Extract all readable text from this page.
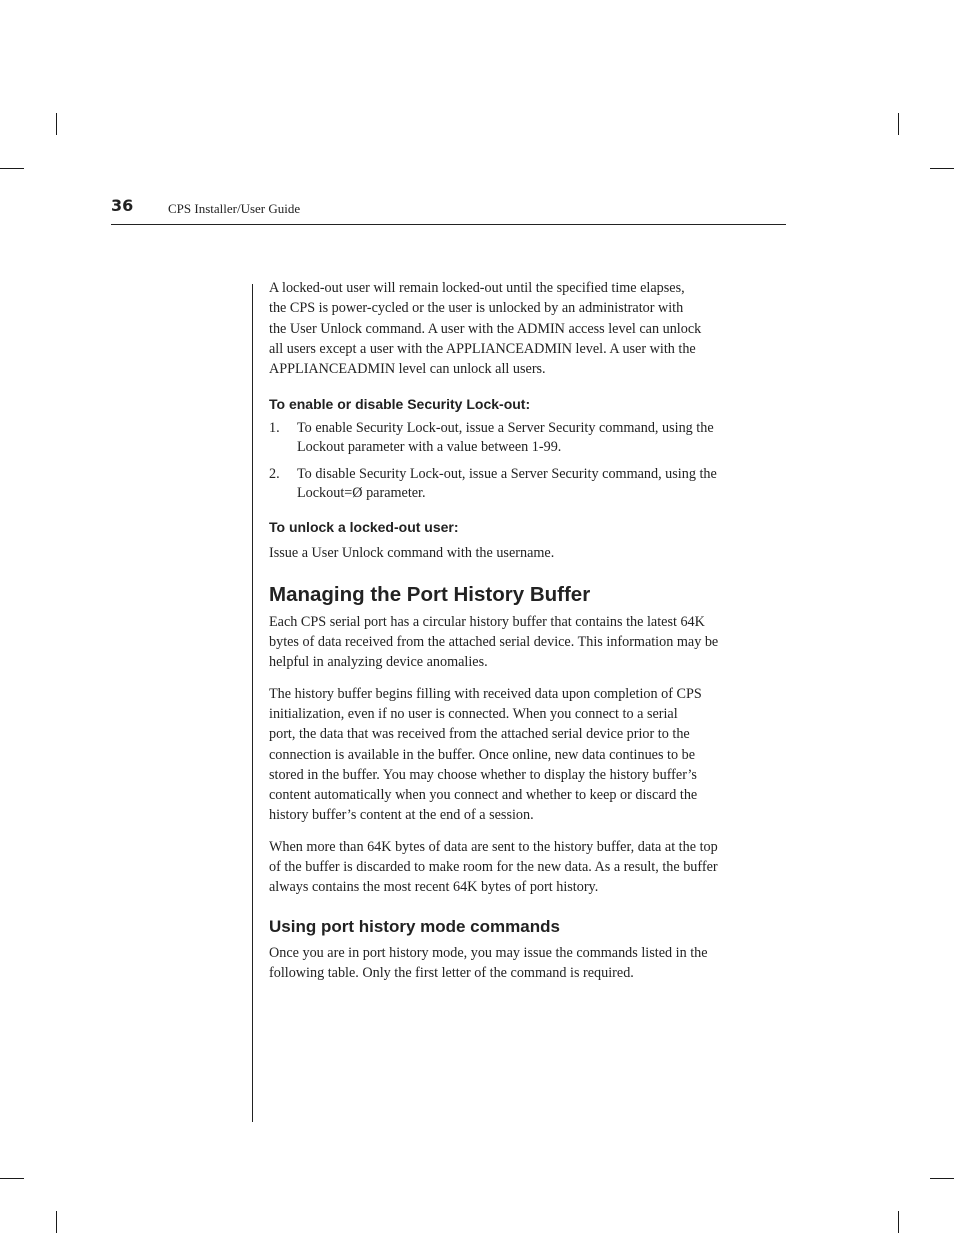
36	CPS Installer/User Guide

A locked-out user will remain locked-out until the specified time elapses,
the CPS is power-cycled or the user is unlocked by an administrator with
the User Unlock command. A user with the ADMIN access level can unlock
all users except a user with the APPLIANCEADMIN level. A user with the
APPLIANCEADMIN level can unlock all users.

To enable or disable Security Lock-out:
1. To enable Security Lock-out, issue a Server Security command, using the
Lockout parameter with a value between 1-99.
2. To disable Security Lock-out, issue a Server Security command, using the
Lockout=Ø parameter.
To unlock a locked-out user:

Issue a User Unlock command with the username.

Managing the Port History Buffer

Each CPS serial port has a circular history buffer that contains the latest 64K
bytes of data received from the attached serial device. This information may be
helpful in analyzing device anomalies.

The history buffer begins filling with received data upon completion of CPS
initialization, even if no user is connected. When you connect to a serial
port, the data that was received from the attached serial device prior to the
connection is available in the buffer. Once online, new data continues to be
stored in the buffer. You may choose whether to display the history buffer’s
content automatically when you connect and whether to keep or discard the
history buffer’s content at the end of a session.

When more than 64K bytes of data are sent to the history buffer, data at the top
of the buffer is discarded to make room for the new data. As a result, the buffer
always contains the most recent 64K bytes of port history.

Using port history mode commands

Once you are in port history mode, you may issue the commands listed in the
following table. Only the first letter of the command is required.
